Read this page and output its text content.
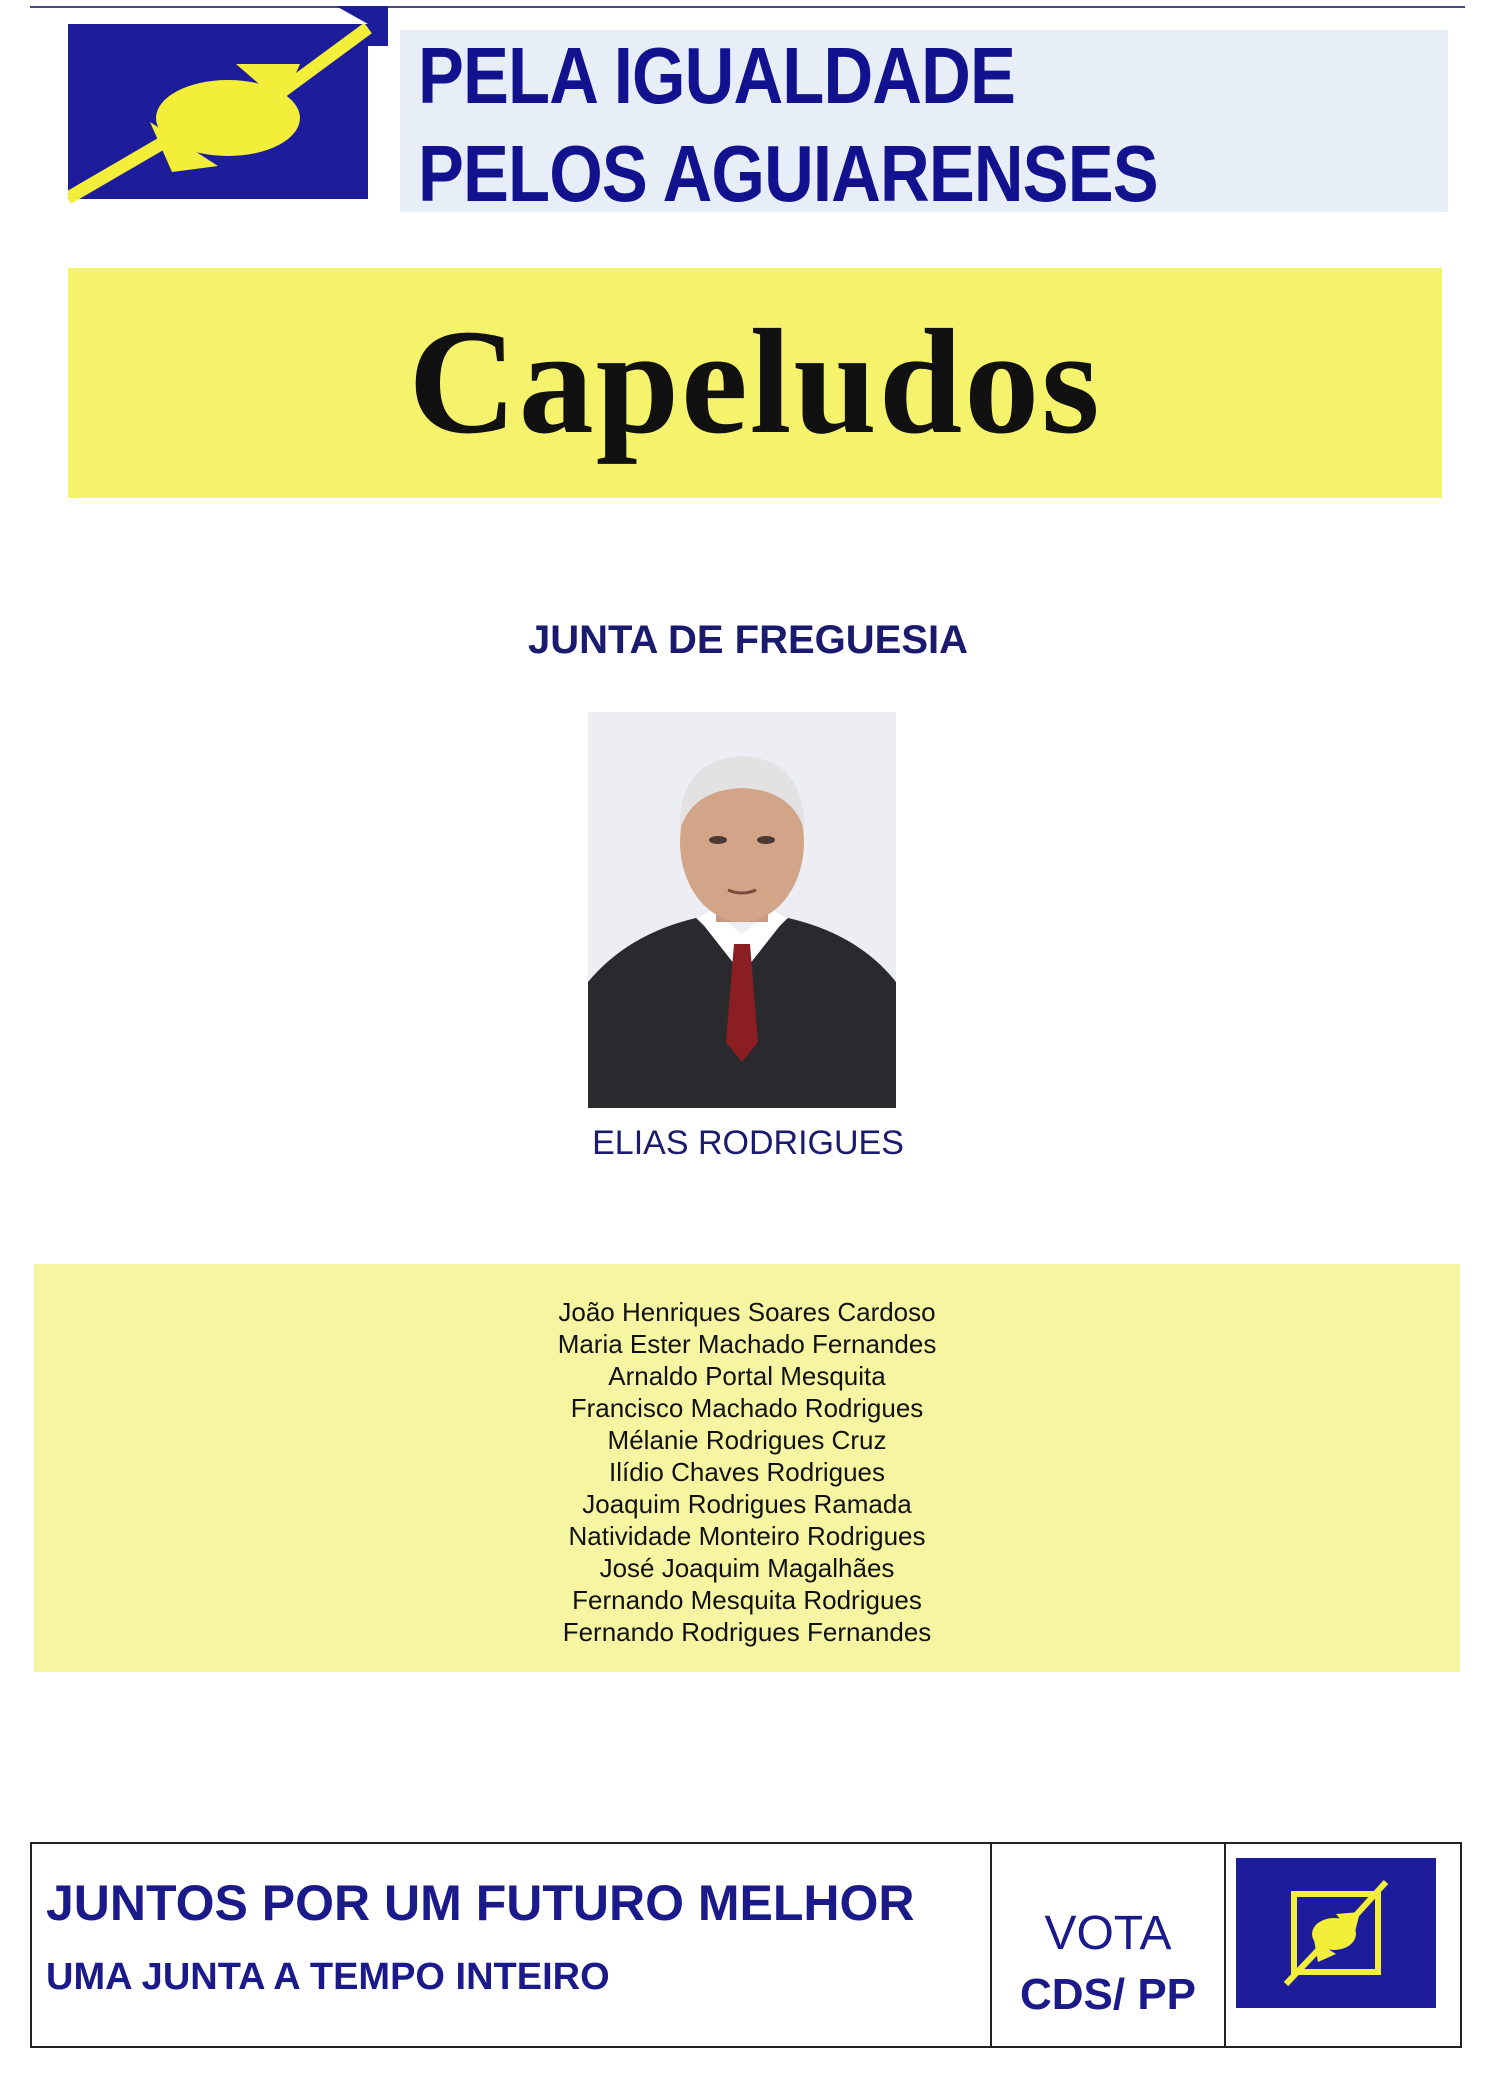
PELA IGUALDADE
PELOS AGUIARENSES
Capeludos
JUNTA DE FREGUESIA
ELIAS RODRIGUES
João Henriques Soares Cardoso
Maria Ester Machado Fernandes
Arnaldo Portal Mesquita
Francisco Machado Rodrigues
Mélanie Rodrigues Cruz
Ilídio Chaves Rodrigues
Joaquim Rodrigues Ramada
Natividade Monteiro Rodrigues
José Joaquim Magalhães
Fernando Mesquita Rodrigues
Fernando Rodrigues Fernandes
JUNTOS POR UM FUTURO MELHOR
UMA JUNTA A TEMPO INTEIRO
VOTA
CDS/ PP
